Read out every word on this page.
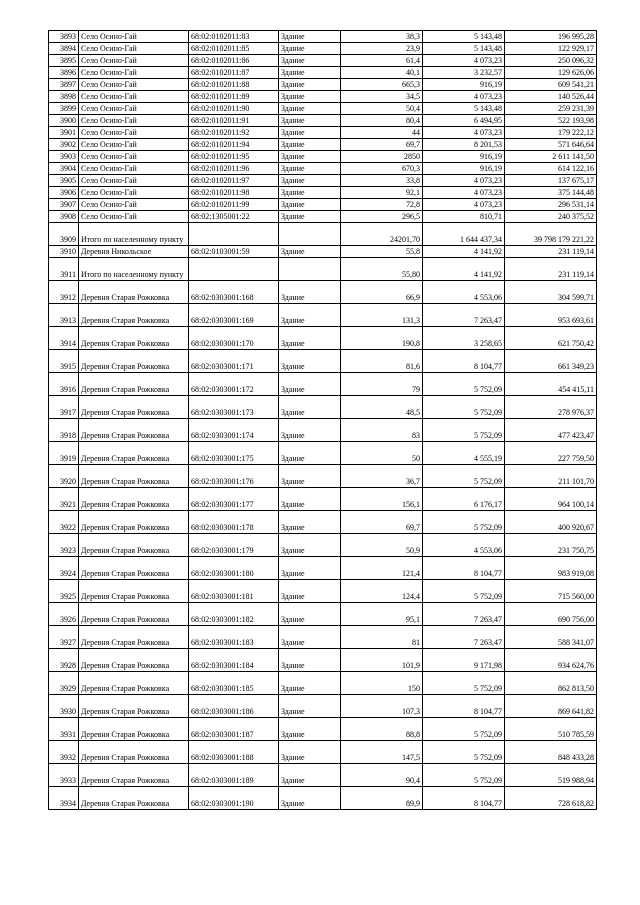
3893	Село Осино-Гай	68:02:0102011:83	Здание	38,3	5 143,48	196 995,28
3894	Село Осино-Гай	68:02:0102011:85	Здание	23,9	5 143,48	122 929,17
3895	Село Осино-Гай	68:02:0102011:86	Здание	61,4	4 073,23	250 096,32
3896	Село Осино-Гай	68:02:0102011:87	Здание	40,1	3 232,57	129 626,06
3897	Село Осино-Гай	68:02:0102011:88	Здание	665,3	916,19	609 541,21
3898	Село Осино-Гай	68:02:0102011:89	Здание	34,5	4 073,23	140 526,44
3899	Село Осино-Гай	68:02:0102011:90	Здание	50,4	5 143,48	259 231,39
3900	Село Осино-Гай	68:02:0102011:91	Здание	80,4	6 494,95	522 193,98
3901	Село Осино-Гай	68:02:0102011:92	Здание	44	4 073,23	179 222,12
3902	Село Осино-Гай	68:02:0102011:94	Здание	69,7	8 201,53	571 646,64
3903	Село Осино-Гай	68:02:0102011:95	Здание	2850	916,19	2 611 141,50
3904	Село Осино-Гай	68:02:0102011:96	Здание	670,3	916,19	614 122,16
3905	Село Осино-Гай	68:02:0102011:97	Здание	33,8	4 073,23	137 675,17
3906	Село Осино-Гай	68:02:0102011:98	Здание	92,1	4 073,23	375 144,48
3907	Село Осино-Гай	68:02:0102011:99	Здание	72,8	4 073,23	296 531,14
3908	Село Осино-Гай	68:02:1305001:22	Здание	296,5	810,71	240 375,52
3909	Итого по населенному пункту			24201,70	1 644 437,34	39 798 179 221,22
3910	Деревня Никольское	68:02:0103001:59	Здание	55,8	4 141,92	231 119,14
3911	Итого по населенному пункту			55,80	4 141,92	231 119,14
3912	Деревня Старая Рожковка	68:02:0303001:168	Здание	66,9	4 553,06	304 599,71
3913	Деревня Старая Рожковка	68:02:0303001:169	Здание	131,3	7 263,47	953 693,61
3914	Деревня Старая Рожковка	68:02:0303001:170	Здание	190,8	3 258,65	621 750,42
3915	Деревня Старая Рожковка	68:02:0303001:171	Здание	81,6	8 104,77	661 349,23
3916	Деревня Старая Рожковка	68:02:0303001:172	Здание	79	5 752,09	454 415,11
3917	Деревня Старая Рожковка	68:02:0303001:173	Здание	48,5	5 752,09	278 976,37
3918	Деревня Старая Рожковка	68:02:0303001:174	Здание	83	5 752,09	477 423,47
3919	Деревня Старая Рожковка	68:02:0303001:175	Здание	50	4 555,19	227 759,50
3920	Деревня Старая Рожковка	68:02:0303001:176	Здание	36,7	5 752,09	211 101,70
3921	Деревня Старая Рожковка	68:02:0303001:177	Здание	156,1	6 176,17	964 100,14
3922	Деревня Старая Рожковка	68:02:0303001:178	Здание	69,7	5 752,09	400 920,67
3923	Деревня Старая Рожковка	68:02:0303001:179	Здание	50,9	4 553,06	231 750,75
3924	Деревня Старая Рожковка	68:02:0303001:180	Здание	121,4	8 104,77	983 919,08
3925	Деревня Старая Рожковка	68:02:0303001:181	Здание	124,4	5 752,09	715 560,00
3926	Деревня Старая Рожковка	68:02:0303001:182	Здание	95,1	7 263,47	690 756,00
3927	Деревня Старая Рожковка	68:02:0303001:183	Здание	81	7 263,47	588 341,07
3928	Деревня Старая Рожковка	68:02:0303001:184	Здание	101,9	9 171,98	934 624,76
3929	Деревня Старая Рожковка	68:02:0303001:185	Здание	150	5 752,09	862 813,50
3930	Деревня Старая Рожковка	68:02:0303001:186	Здание	107,3	8 104,77	869 641,82
3931	Деревня Старая Рожковка	68:02:0303001:187	Здание	88,8	5 752,09	510 785,59
3932	Деревня Старая Рожковка	68:02:0303001:188	Здание	147,5	5 752,09	848 433,28
3933	Деревня Старая Рожковка	68:02:0303001:189	Здание	90,4	5 752,09	519 988,94
3934	Деревня Старая Рожковка	68:02:0303001:190	Здание	89,9	8 104,77	728 618,82
